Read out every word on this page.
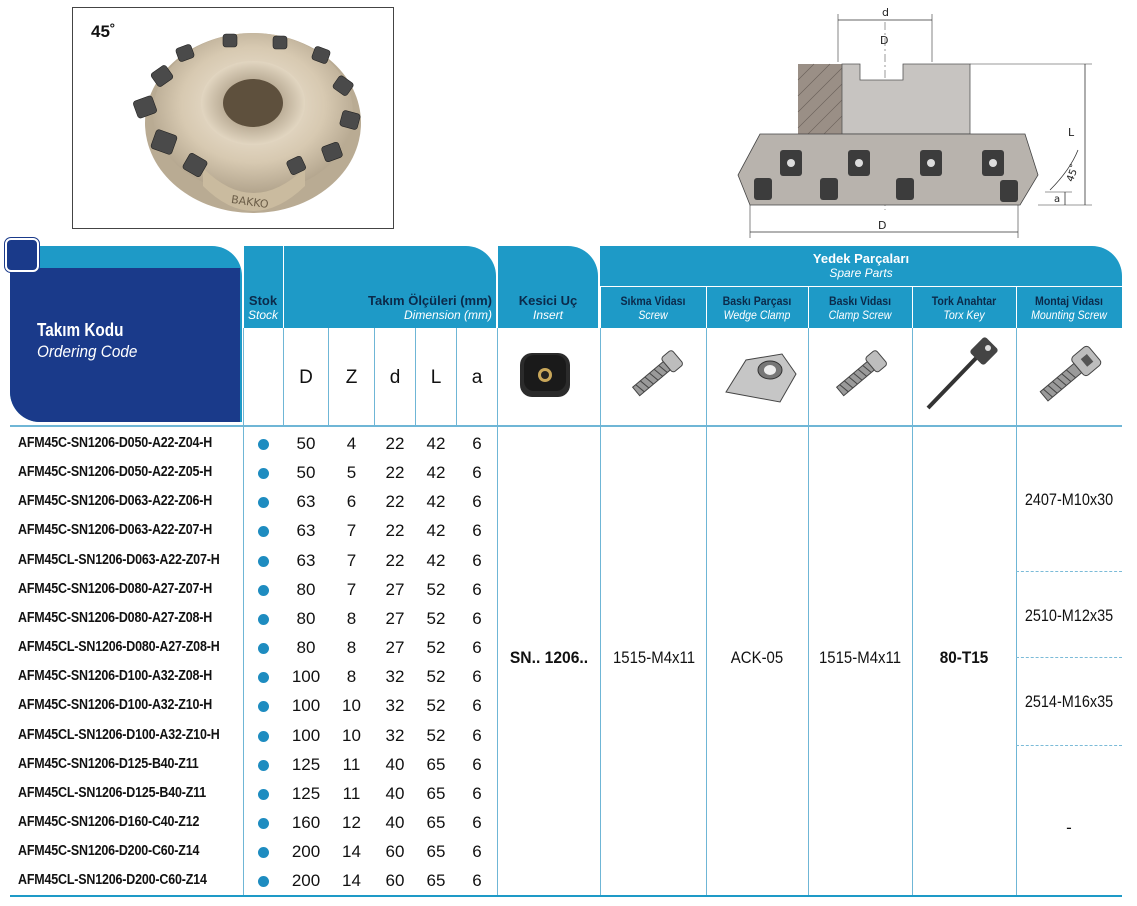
45˚
BAKKO
d
D
D
L
45˚
a
Takım Kodu
Ordering Code
Stok
Stock
Takım Ölçüleri (mm)
Dimension (mm)
Kesici Uç
Insert
Yedek Parçaları
Spare Parts
Sıkma Vidası
Screw
Baskı Parçası
Wedge Clamp
Baskı Vidası
Clamp Screw
Tork Anahtar
Torx Key
Montaj Vidası
Mounting Screw
D	Z	d	L	a
AFM45C-SN1206-D050-A22-Z04-H	50	4	22	42	6
AFM45C-SN1206-D050-A22-Z05-H	50	5	22	42	6
AFM45C-SN1206-D063-A22-Z06-H	63	6	22	42	6
AFM45C-SN1206-D063-A22-Z07-H	63	7	22	42	6
AFM45CL-SN1206-D063-A22-Z07-H	63	7	22	42	6
AFM45C-SN1206-D080-A27-Z07-H	80	7	27	52	6
AFM45C-SN1206-D080-A27-Z08-H	80	8	27	52	6
AFM45CL-SN1206-D080-A27-Z08-H	80	8	27	52	6
AFM45C-SN1206-D100-A32-Z08-H	100	8	32	52	6
AFM45C-SN1206-D100-A32-Z10-H	100	10	32	52	6
AFM45CL-SN1206-D100-A32-Z10-H	100	10	32	52	6
AFM45C-SN1206-D125-B40-Z11	125	11	40	65	6
AFM45CL-SN1206-D125-B40-Z11	125	11	40	65	6
AFM45C-SN1206-D160-C40-Z12	160	12	40	65	6
AFM45C-SN1206-D200-C60-Z14	200	14	60	65	6
AFM45CL-SN1206-D200-C60-Z14	200	14	60	65	6
SN.. 1206..	1515-M4x11	ACK-05	1515-M4x11	80-T15
2407-M10x30
2510-M12x35
2514-M16x35
-
